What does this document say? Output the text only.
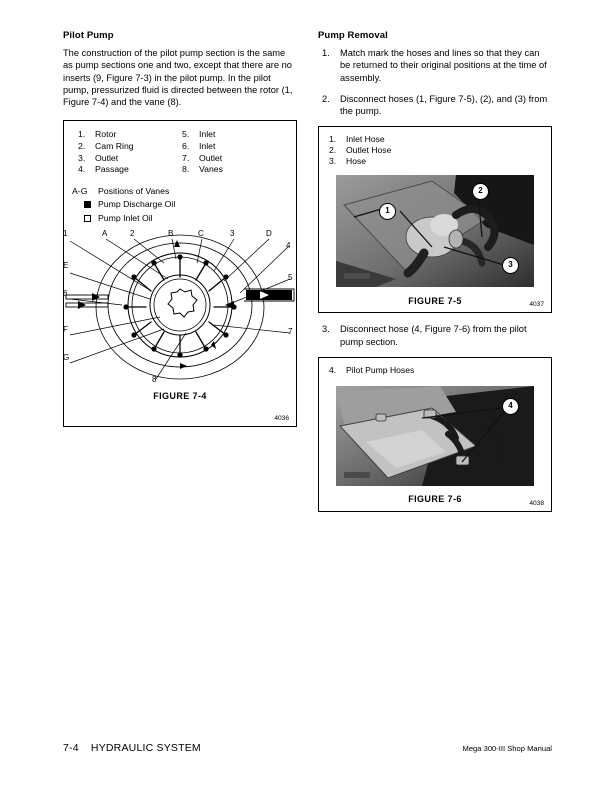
Pilot Pump

The construction of the pilot pump section is the same as pump sections one and two, except that there are no inserts (9, Figure 7-3) in the pilot pump. In the pilot pump, pressurized fluid is directed between the rotor (1, Figure 7-4) and the vane (8).

1.	Rotor
2.	Cam Ring
3.	Outlet
4.	Passage
5.	Inlet
6.	Inlet
7.	Outlet
8.	Vanes
A-G	Positions of Vanes
Pump Discharge Oil
Pump Inlet Oil
1
E
6
F
G
A	2	B	C	3	D
4
5
7
8
FIGURE 7-4
4036
Pump Removal
1.	Match mark the hoses and lines so that they can be returned to their original positions at the time of assembly.
2.	Disconnect hoses (1, Figure 7-5), (2), and (3) from the pump.
1.	Inlet Hose
2.	Outlet Hose
3.	Hose
1
2
3
FIGURE 7-5	4037
3.	Disconnect hose (4, Figure 7-6) from the pilot pump section.
4.	Pilot Pump Hoses
4
FIGURE 7-6	4038
7-4 HYDRAULIC SYSTEM	Mega 300-III Shop Manual
